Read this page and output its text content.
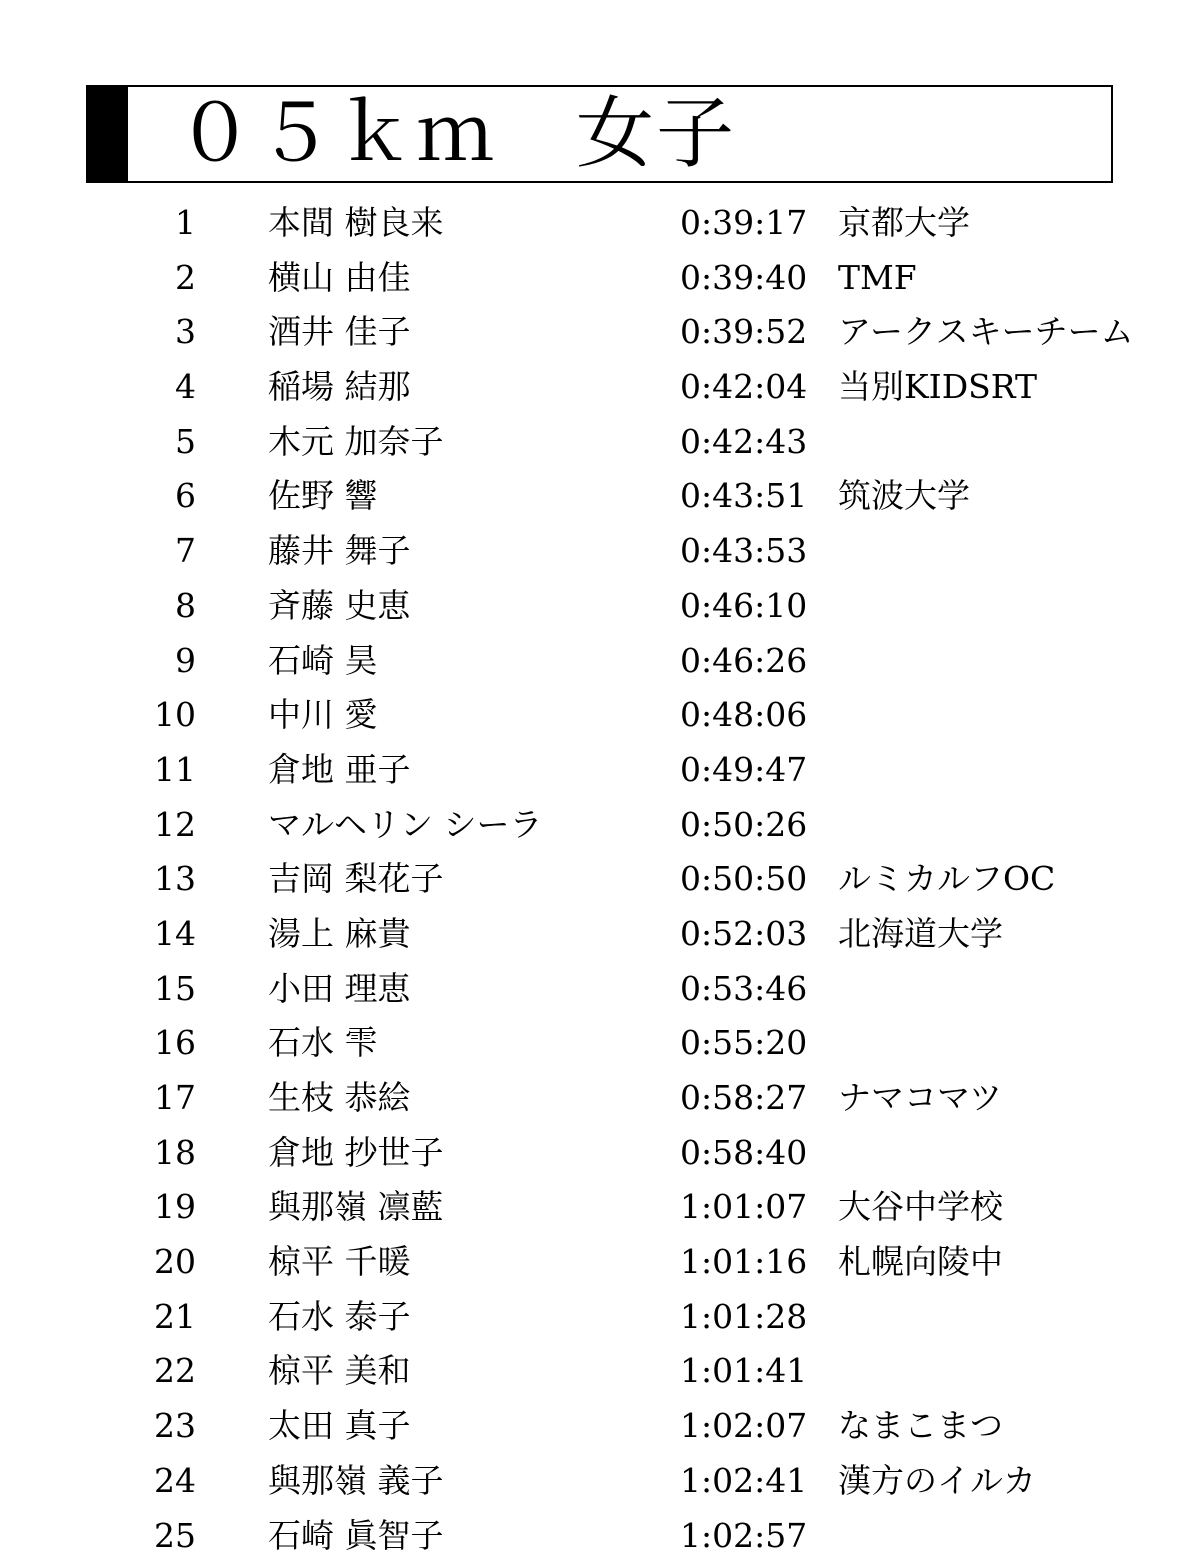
０５ｋｍ　女子
1 本間 樹良来	0:39:17 京都大学
2 横山 由佳	0:39:40 TMF
3 酒井 佳子	0:39:52 アークスキーチーム
4 稲場 結那	0:42:04 当別KIDSRT
5 木元 加奈子	0:42:43
6 佐野 響	0:43:51 筑波大学
7 藤井 舞子	0:43:53
8 斉藤 史恵	0:46:10
9 石崎 昊	0:46:26
10 中川 愛	0:48:06
11 倉地 亜子	0:49:47
12 マルヘリン シーラ	0:50:26
13 吉岡 梨花子	0:50:50 ルミカルフOC
14 湯上 麻貴	0:52:03 北海道大学
15 小田 理恵	0:53:46
16 石水 雫	0:55:20
17 生枝 恭絵	0:58:27 ナマコマツ
18 倉地 抄世子	0:58:40
19 與那嶺 凛藍	1:01:07 大谷中学校
20 椋平 千暖	1:01:16 札幌向陵中
21 石水 泰子	1:01:28
22 椋平 美和	1:01:41
23 太田 真子	1:02:07 なまこまつ
24 與那嶺 義子	1:02:41 漢方のイルカ
25 石崎 眞智子	1:02:57
